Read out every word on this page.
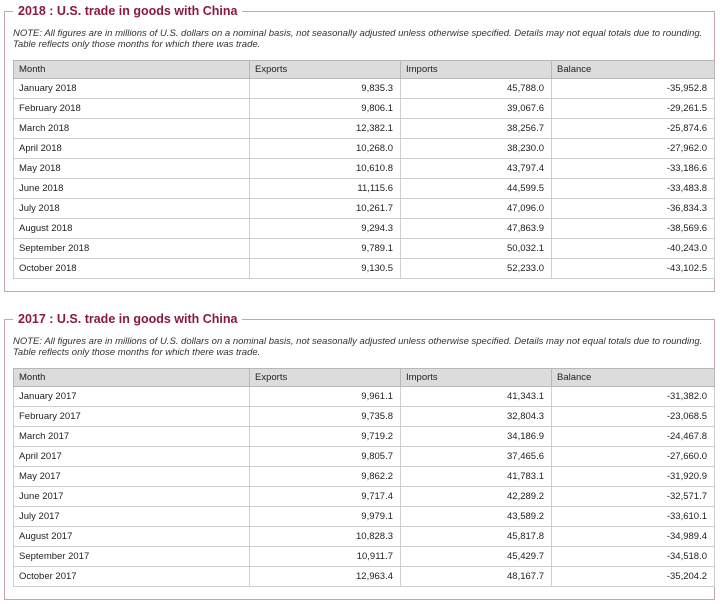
2018 : U.S. trade in goods with China
NOTE: All figures are in millions of U.S. dollars on a nominal basis, not seasonally adjusted unless otherwise specified. Details may not equal totals due to rounding. Table reflects only those months for which there was trade.
Month	Exports	Imports	Balance
January 2018	9,835.3	45,788.0	-35,952.8
February 2018	9,806.1	39,067.6	-29,261.5
March 2018	12,382.1	38,256.7	-25,874.6
April 2018	10,268.0	38,230.0	-27,962.0
May 2018	10,610.8	43,797.4	-33,186.6
June 2018	11,115.6	44,599.5	-33,483.8
July 2018	10,261.7	47,096.0	-36,834.3
August 2018	9,294.3	47,863.9	-38,569.6
September 2018	9,789.1	50,032.1	-40,243.0
October 2018	9,130.5	52,233.0	-43,102.5
2017 : U.S. trade in goods with China
NOTE: All figures are in millions of U.S. dollars on a nominal basis, not seasonally adjusted unless otherwise specified. Details may not equal totals due to rounding. Table reflects only those months for which there was trade.
Month	Exports	Imports	Balance
January 2017	9,961.1	41,343.1	-31,382.0
February 2017	9,735.8	32,804.3	-23,068.5
March 2017	9,719.2	34,186.9	-24,467.8
April 2017	9,805.7	37,465.6	-27,660.0
May 2017	9,862.2	41,783.1	-31,920.9
June 2017	9,717.4	42,289.2	-32,571.7
July 2017	9,979.1	43,589.2	-33,610.1
August 2017	10,828.3	45,817.8	-34,989.4
September 2017	10,911.7	45,429.7	-34,518.0
October 2017	12,963.4	48,167.7	-35,204.2
